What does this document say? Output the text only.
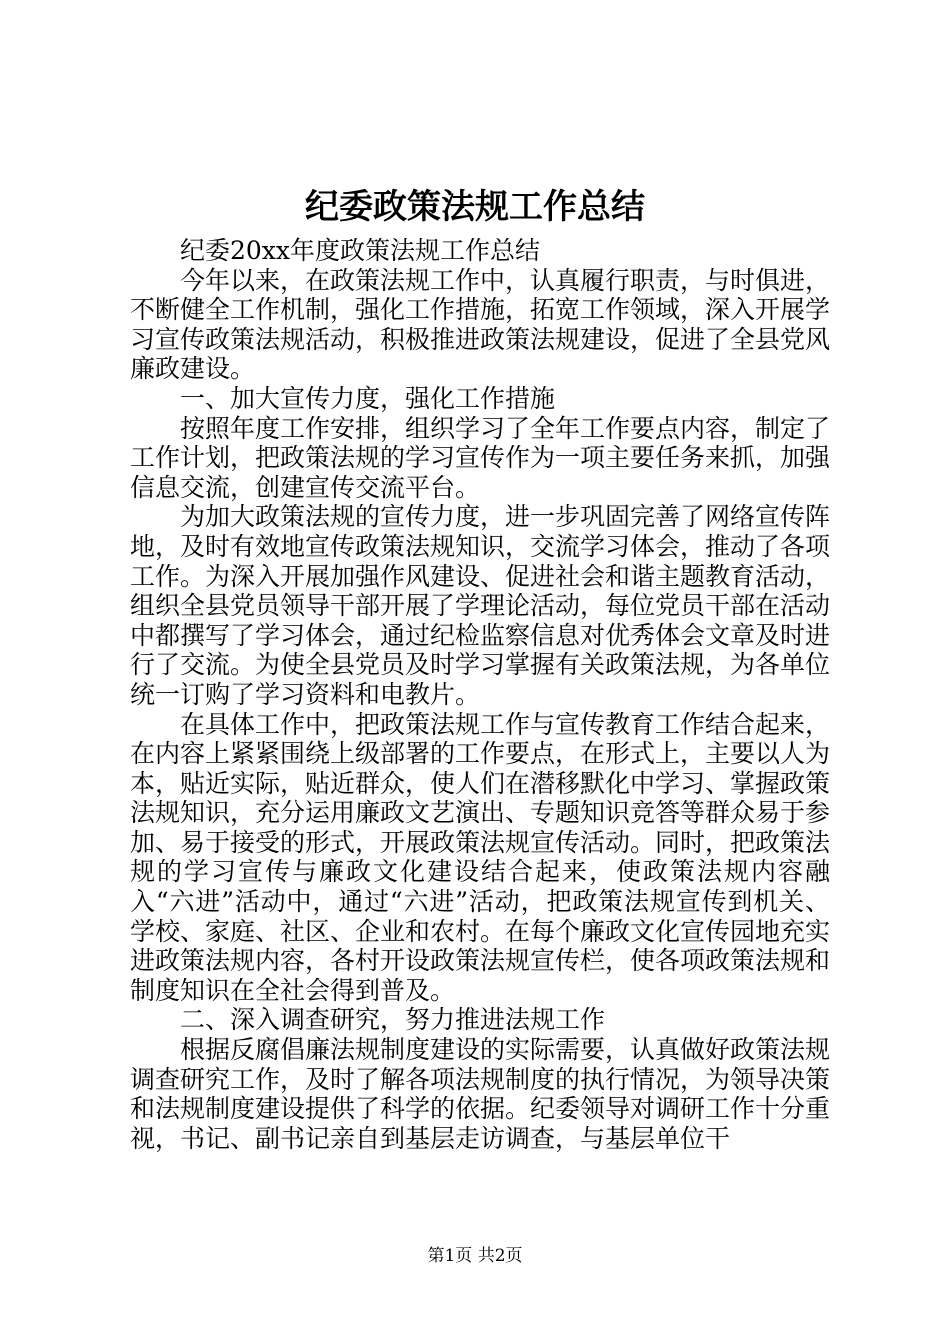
纪委政策法规工作总结

纪委20xx年度政策法规工作总结

今年以来，在政策法规工作中，认真履行职责，与时俱进，不断健全工作机制，强化工作措施，拓宽工作领域，深入开展学习宣传政策法规活动，积极推进政策法规建设，促进了全县党风廉政建设。

一、加大宣传力度，强化工作措施

按照年度工作安排，组织学习了全年工作要点内容，制定了工作计划，把政策法规的学习宣传作为一项主要任务来抓，加强信息交流，创建宣传交流平台。

为加大政策法规的宣传力度，进一步巩固完善了网络宣传阵地，及时有效地宣传政策法规知识，交流学习体会，推动了各项工作。为深入开展加强作风建设、促进社会和谐主题教育活动，组织全县党员领导干部开展了学理论活动，每位党员干部在活动中都撰写了学习体会，通过纪检监察信息对优秀体会文章及时进行了交流。为使全县党员及时学习掌握有关政策法规，为各单位统一订购了学习资料和电教片。

在具体工作中，把政策法规工作与宣传教育工作结合起来，在内容上紧紧围绕上级部署的工作要点，在形式上，主要以人为本，贴近实际，贴近群众，使人们在潜移默化中学习、掌握政策法规知识，充分运用廉政文艺演出、专题知识竞答等群众易于参加、易于接受的形式，开展政策法规宣传活动。同时，把政策法规的学习宣传与廉政文化建设结合起来，使政策法规内容融入“六进”活动中，通过“六进”活动，把政策法规宣传到机关、学校、家庭、社区、企业和农村。在每个廉政文化宣传园地充实进政策法规内容，各村开设政策法规宣传栏，使各项政策法规和制度知识在全社会得到普及。

二、深入调查研究，努力推进法规工作

根据反腐倡廉法规制度建设的实际需要，认真做好政策法规调查研究工作，及时了解各项法规制度的执行情况，为领导决策和法规制度建设提供了科学的依据。纪委领导对调研工作十分重视，书记、副书记亲自到基层走访调查，与基层单位干

第1页 共2页
